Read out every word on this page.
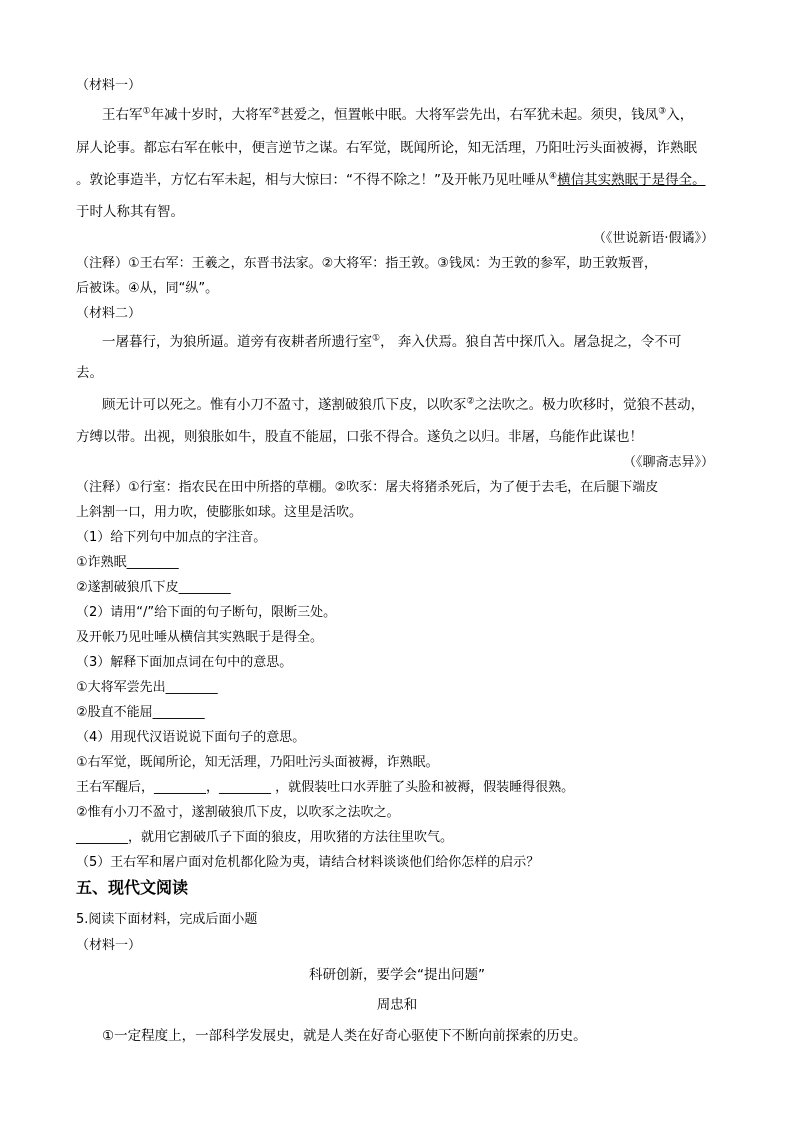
（材料一）
王右军①年减十岁时，大将军②甚爱之，恒置帐中眠。大将军尝先出，右军犹未起。须臾，钱凤③入，
屏人论事。都忘右军在帐中，便言逆节之谋。右军觉，既闻所论，知无活理，乃阳吐污头面被褥，诈熟眠
。敦论事造半，方忆右军未起，相与大惊曰：“不得不除之！”及开帐乃见吐唾从④横信其实熟眠于是得全。
于时人称其有智。
（《世说新语·假谲》）
（注释）①王右军：王羲之，东晋书法家。②大将军：指王敦。③钱凤：为王敦的参军，助王敦叛晋，
后被诛。④从，同“纵”。
（材料二）
一屠暮行，为狼所逼。道旁有夜耕者所遗行室①， 奔入伏焉。狼自苫中探爪入。屠急捉之，令不可
去。
顾无计可以死之。惟有小刀不盈寸，遂割破狼爪下皮，以吹豕②之法吹之。极力吹移时，觉狼不甚动，
方缚以带。出视，则狼胀如牛，股直不能屈，口张不得合。遂负之以归。非屠，乌能作此谋也！
（《聊斋志异》）
（注释）①行室：指农民在田中所搭的草棚。②吹豕：屠夫将猪杀死后，为了便于去毛，在后腿下端皮
上斜割一口，用力吹，使膨胀如球。这里是活吹。
（1）给下列句中加点的字注音。
①诈熟眠________
②遂割破狼爪下皮________
（2）请用“/”给下面的句子断句，限断三处。
及开帐乃见吐唾从横信其实熟眠于是得全。
（3）解释下面加点词在句中的意思。
①大将军尝先出________
②股直不能屈________
（4）用现代汉语说说下面句子的意思。
①右军觉，既闻所论，知无活理，乃阳吐污头面被褥，诈熟眠。
王右军醒后，________，________ ，就假装吐口水弄脏了头脸和被褥，假装睡得很熟。
②惟有小刀不盈寸，遂割破狼爪下皮，以吹豕之法吹之。
________，就用它割破爪子下面的狼皮，用吹猪的方法往里吹气。
（5）王右军和屠户面对危机都化险为夷，请结合材料谈谈他们给你怎样的启示？
五、现代文阅读
5.阅读下面材料，完成后面小题
（材料一）
科研创新，要学会“提出问题”
周忠和
①一定程度上，一部科学发展史，就是人类在好奇心驱使下不断向前探索的历史。
